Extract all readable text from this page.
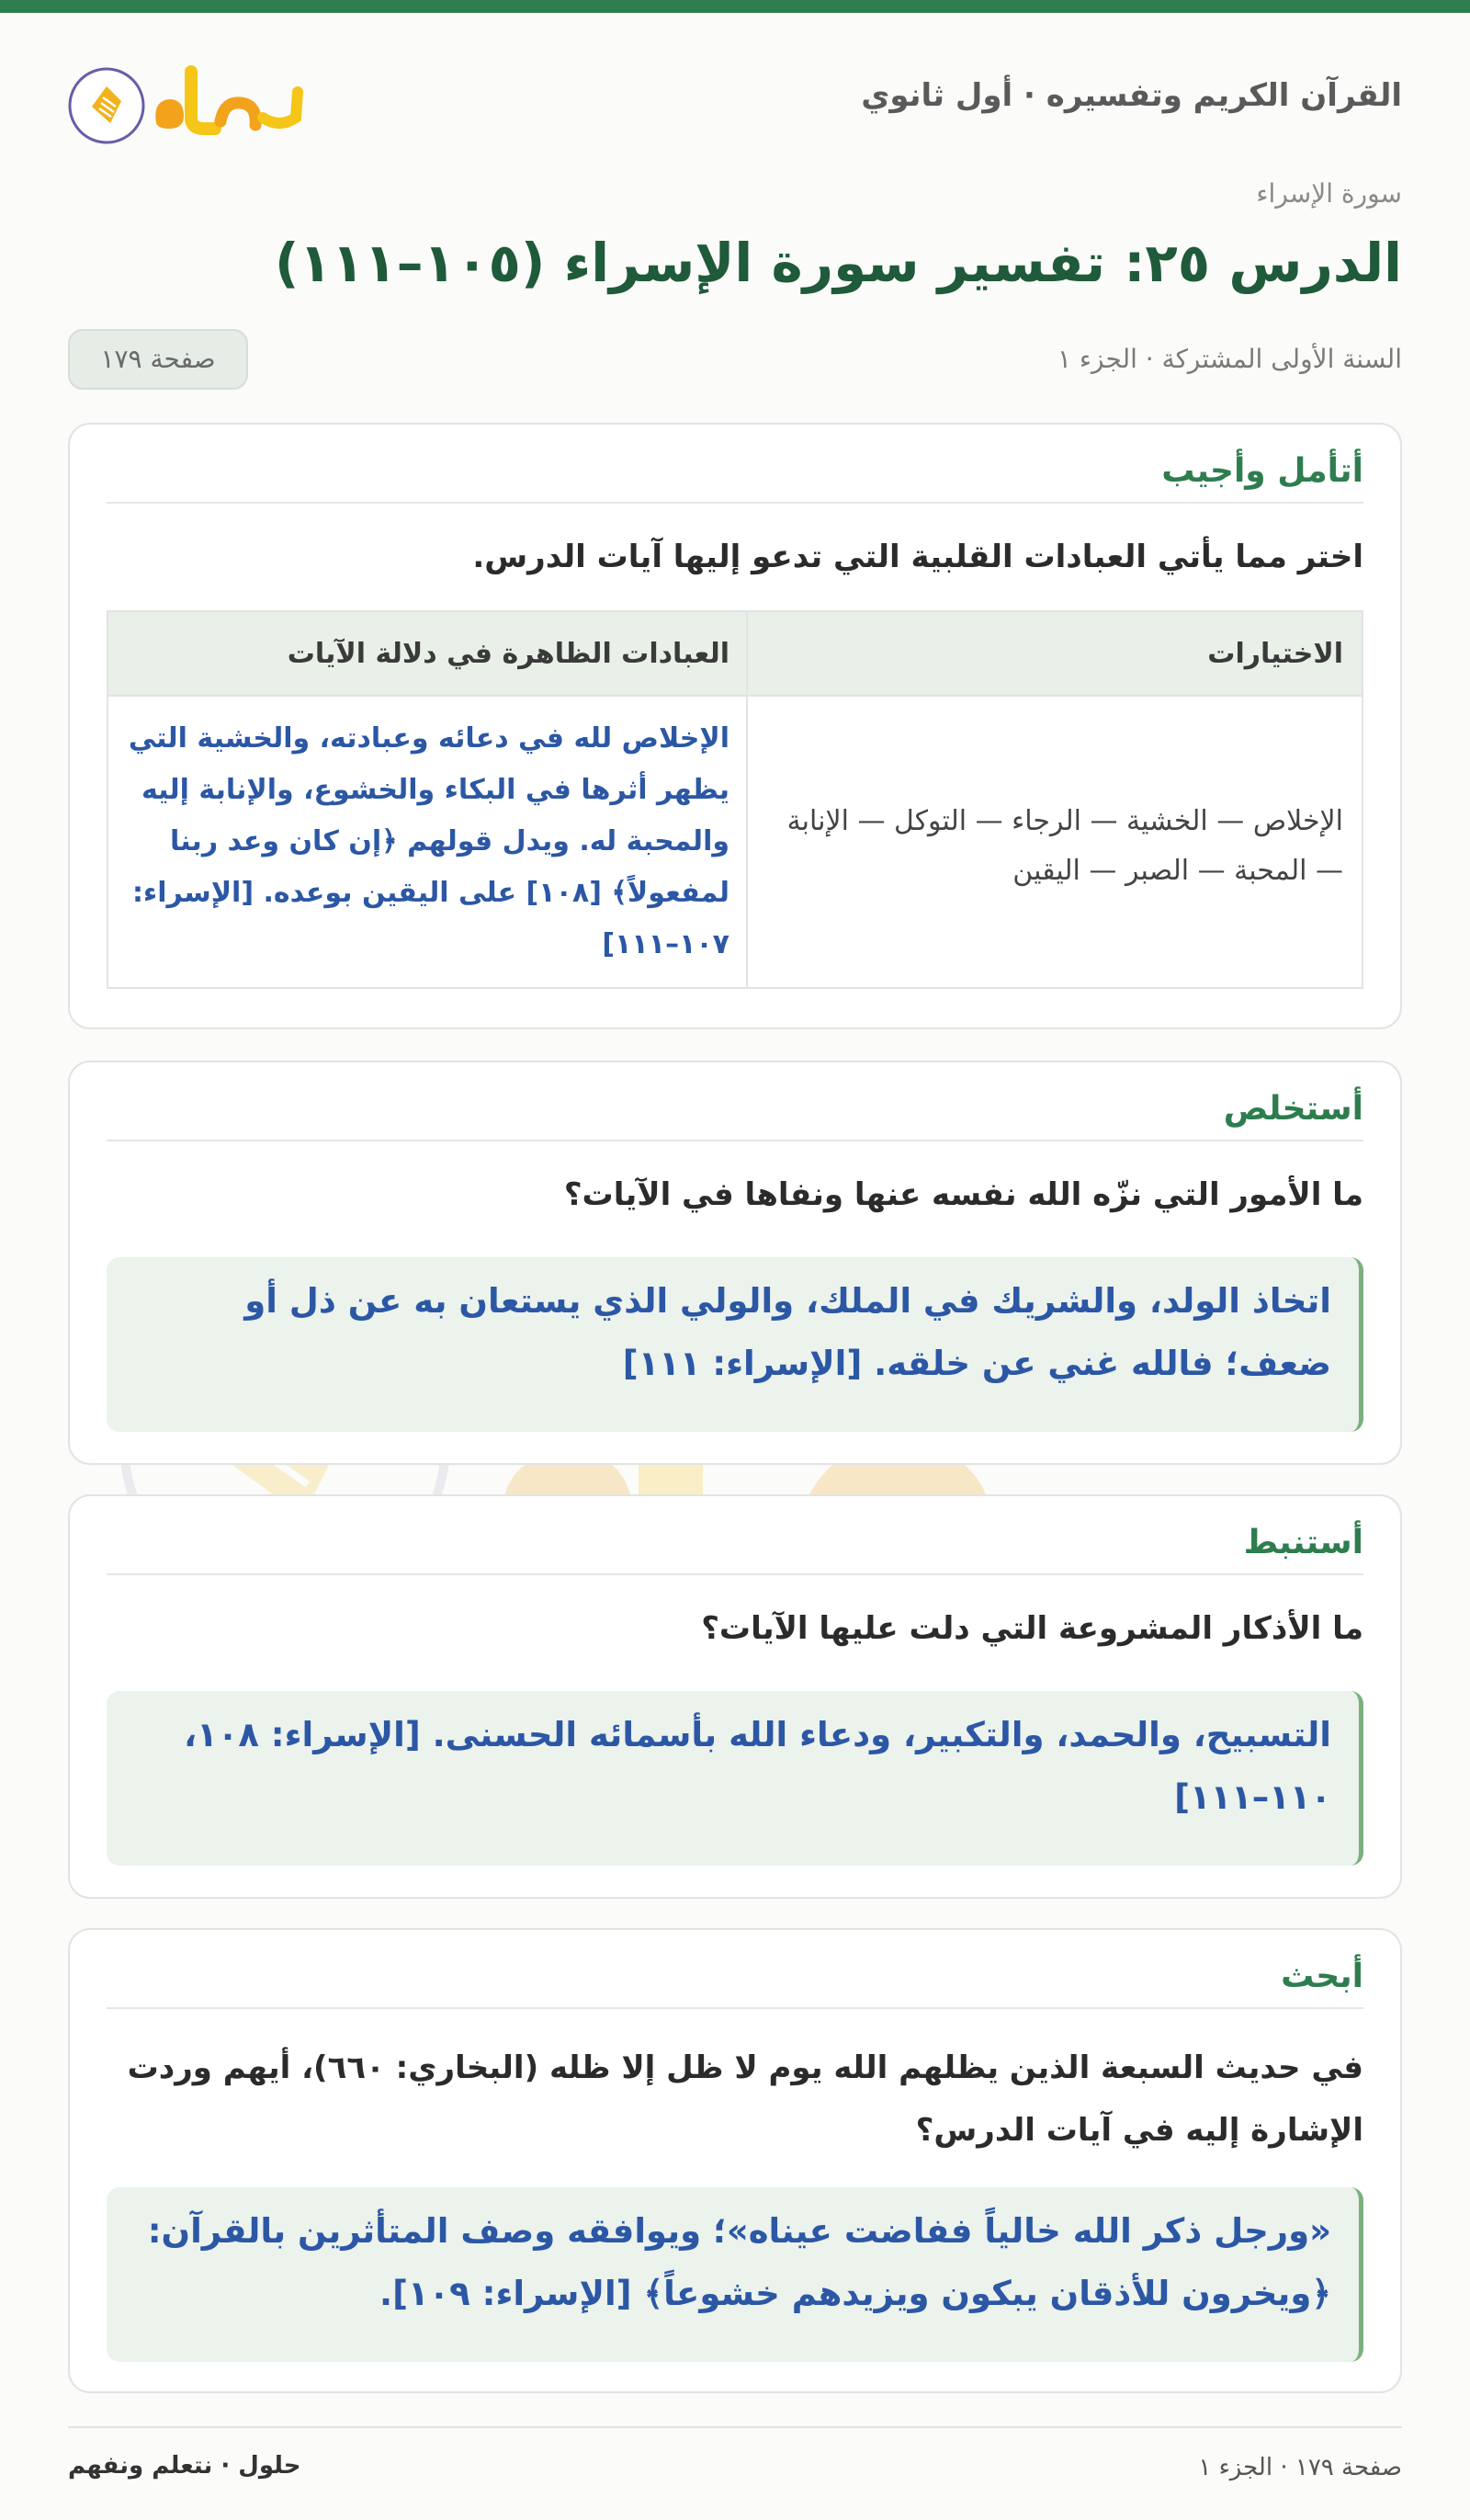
القرآن الكريم وتفسيره · أول ثانوي
سورة الإسراء
الدرس ٢٥: تفسير سورة الإسراء (١٠٥–١١١)
السنة الأولى المشتركة · الجزء ١
صفحة ١٧٩
أتأمل وأجيب
اختر مما يأتي العبادات القلبية التي تدعو إليها آيات الدرس.
الاختيارات
العبادات الظاهرة في دلالة الآيات
الإخلاص — الخشية — الرجاء — التوكل — الإنابة — المحبة — الصبر — اليقين
الإخلاص لله في دعائه وعبادته، والخشية التي يظهر أثرها في البكاء والخشوع، والإنابة إليه والمحبة له. ويدل قولهم ﴿إن كان وعد ربنا لمفعولاً﴾ [١٠٨] على اليقين بوعده. [الإسراء: ١٠٧–١١١]
أستخلص
ما الأمور التي نزّه الله نفسه عنها ونفاها في الآيات؟
اتخاذ الولد، والشريك في الملك، والولي الذي يستعان به عن ذل أو ضعف؛ فالله غني عن خلقه. [الإسراء: ١١١]
أستنبط
ما الأذكار المشروعة التي دلت عليها الآيات؟
التسبيح، والحمد، والتكبير، ودعاء الله بأسمائه الحسنى. [الإسراء: ١٠٨، ١١٠–١١١]
أبحث
في حديث السبعة الذين يظلهم الله يوم لا ظل إلا ظله (البخاري: ٦٦٠)، أيهم وردت الإشارة إليه في آيات الدرس؟
«ورجل ذكر الله خالياً ففاضت عيناه»؛ ويوافقه وصف المتأثرين بالقرآن: ﴿ويخرون للأذقان يبكون ويزيدهم خشوعاً﴾ [الإسراء: ١٠٩].
صفحة ١٧٩ · الجزء ١
حلول · نتعلم ونفهم
